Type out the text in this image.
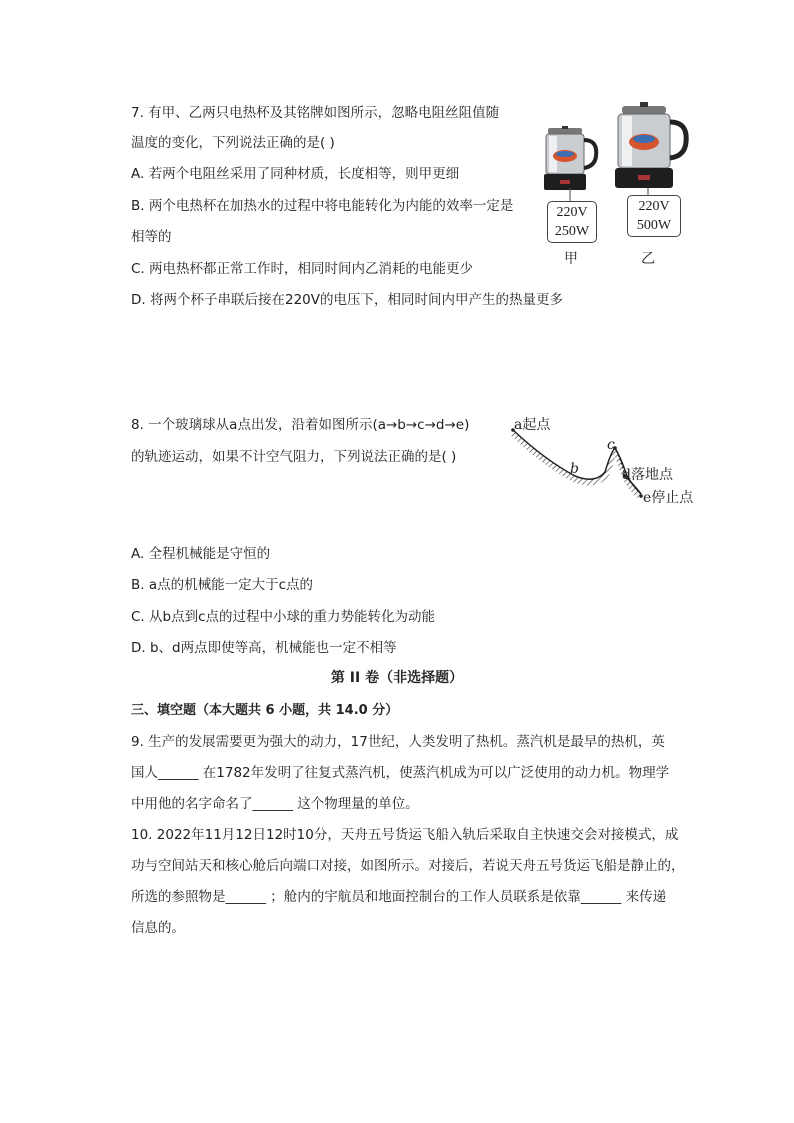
7. 有甲、乙两只电热杯及其铭牌如图所示，忽略电阻丝阻值随
温度的变化，下列说法正确的是( )
A. 若两个电阻丝采用了同种材质，长度相等，则甲更细
B. 两个电热杯在加热水的过程中将电能转化为内能的效率一定是
相等的
C. 两电热杯都正常工作时，相同时间内乙消耗的电能更少
D. 将两个杯子串联后接在220V的电压下，相同时间内甲产生的热量更多
220V
250W
220V
500W
甲	乙
8. 一个玻璃球从a点出发，沿着如图所示(a→b→c→d→e)
的轨迹运动，如果不计空气阻力，下列说法正确的是( )
a起点
b
c
d落地点
e停止点
A. 全程机械能是守恒的
B. a点的机械能一定大于c点的
C. 从b点到c点的过程中小球的重力势能转化为动能
D. b、d两点即使等高，机械能也一定不相等
第 II 卷（非选择题）
三、填空题（本大题共 6 小题，共 14.0 分）
9. 生产的发展需要更为强大的动力，17世纪，人类发明了热机。蒸汽机是最早的热机，英
国人______ 在1782年发明了往复式蒸汽机，使蒸汽机成为可以广泛使用的动力机。物理学
中用他的名字命名了______ 这个物理量的单位。
10. 2022年11月12日12时10分，天舟五号货运飞船入轨后采取自主快速交会对接模式，成
功与空间站天和核心舱后向端口对接，如图所示。对接后，若说天舟五号货运飞船是静止的，
所选的参照物是______ ；舱内的宇航员和地面控制台的工作人员联系是依靠______ 来传递
信息的。
